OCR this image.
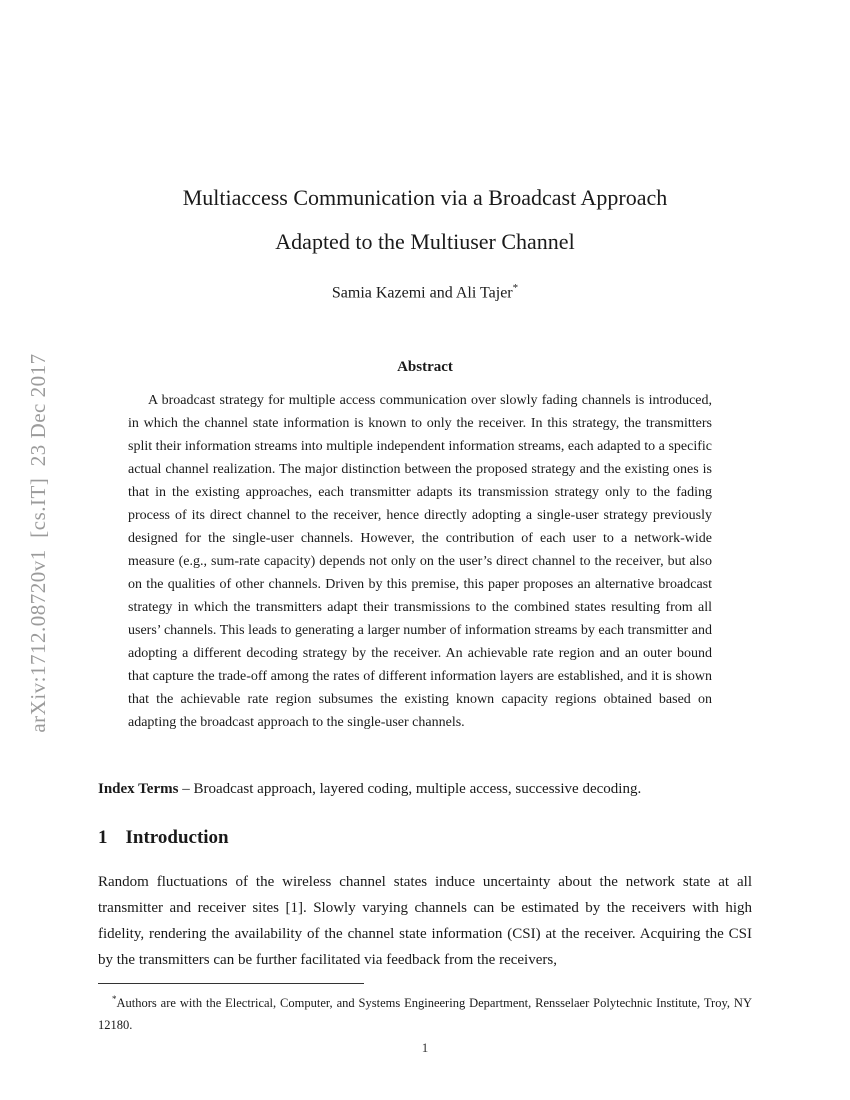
arXiv:1712.08720v1  [cs.IT]  23 Dec 2017
Multiaccess Communication via a Broadcast Approach
Adapted to the Multiuser Channel
Samia Kazemi and Ali Tajer*
Abstract
A broadcast strategy for multiple access communication over slowly fading channels is introduced, in which the channel state information is known to only the receiver. In this strategy, the transmitters split their information streams into multiple independent information streams, each adapted to a specific actual channel realization. The major distinction between the proposed strategy and the existing ones is that in the existing approaches, each transmitter adapts its transmission strategy only to the fading process of its direct channel to the receiver, hence directly adopting a single-user strategy previously designed for the single-user channels. However, the contribution of each user to a network-wide measure (e.g., sum-rate capacity) depends not only on the user’s direct channel to the receiver, but also on the qualities of other channels. Driven by this premise, this paper proposes an alternative broadcast strategy in which the transmitters adapt their transmissions to the combined states resulting from all users’ channels. This leads to generating a larger number of information streams by each transmitter and adopting a different decoding strategy by the receiver. An achievable rate region and an outer bound that capture the trade-off among the rates of different information layers are established, and it is shown that the achievable rate region subsumes the existing known capacity regions obtained based on adapting the broadcast approach to the single-user channels.
Index Terms – Broadcast approach, layered coding, multiple access, successive decoding.
1 Introduction
Random fluctuations of the wireless channel states induce uncertainty about the network state at all transmitter and receiver sites [1]. Slowly varying channels can be estimated by the receivers with high fidelity, rendering the availability of the channel state information (CSI) at the receiver. Acquiring the CSI by the transmitters can be further facilitated via feedback from the receivers,
*Authors are with the Electrical, Computer, and Systems Engineering Department, Rensselaer Polytechnic Institute, Troy, NY 12180.
1
